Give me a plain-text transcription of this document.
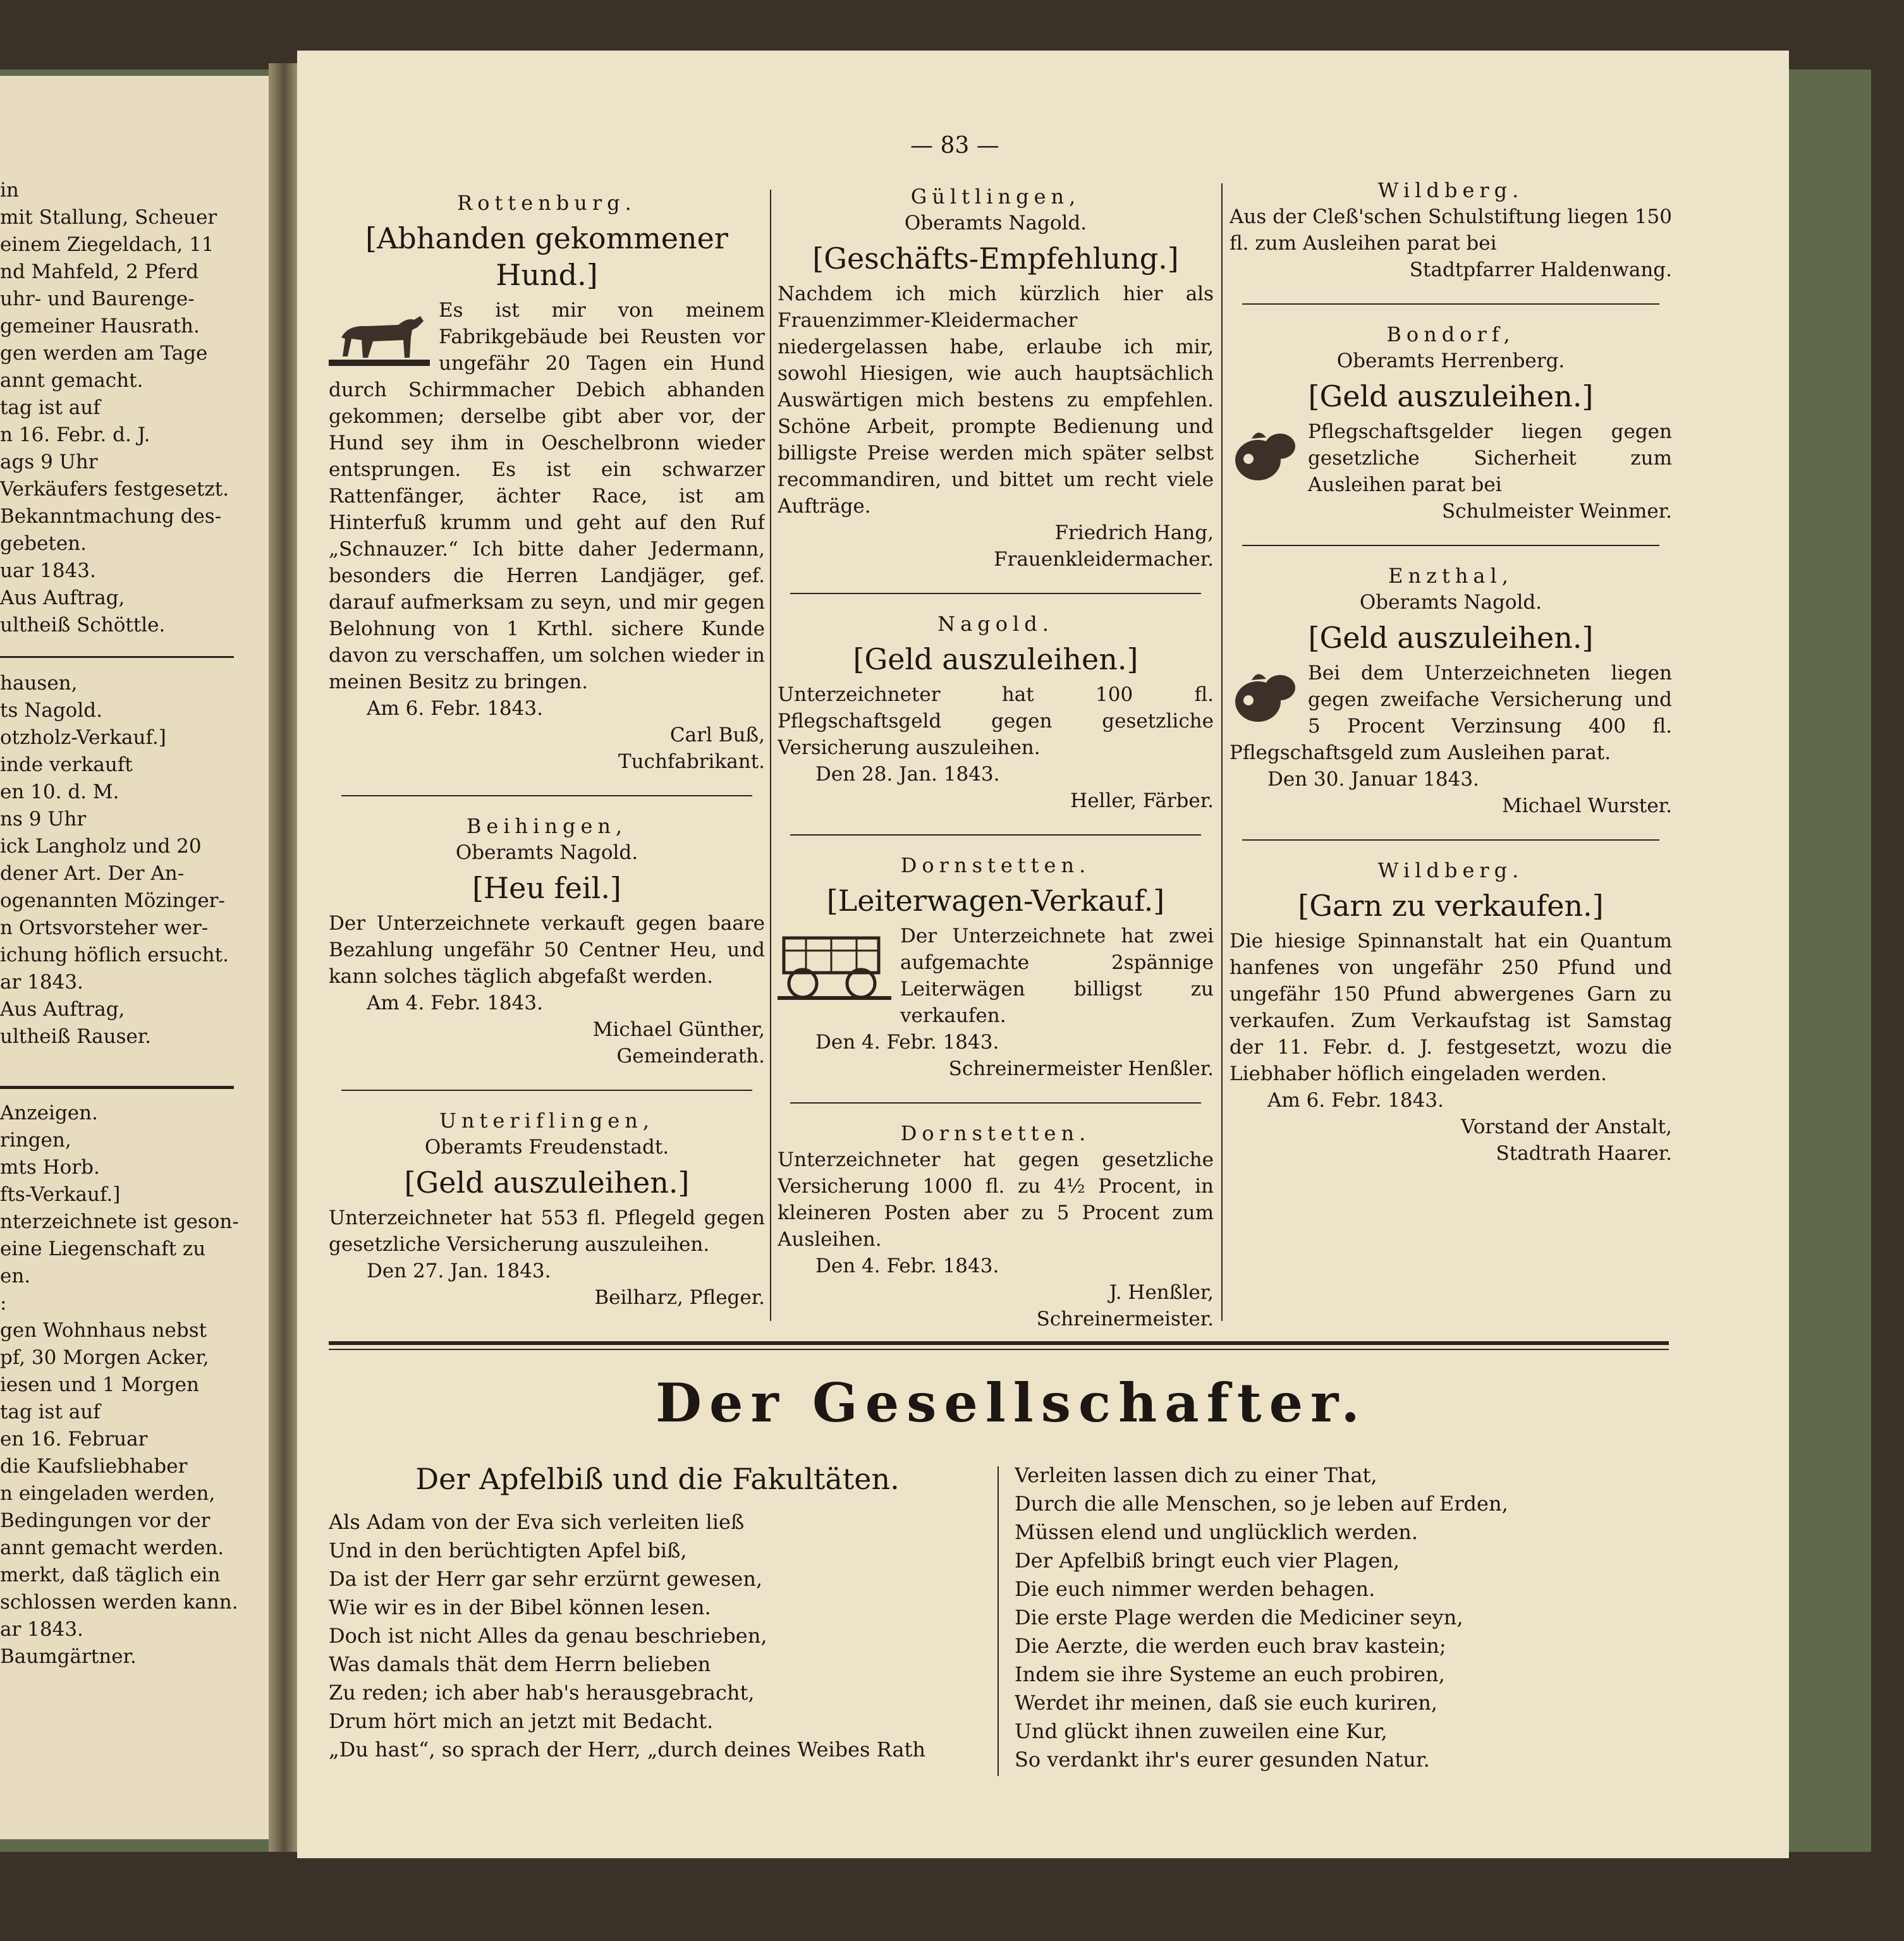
in
mit Stallung, Scheuer
einem Ziegeldach, 11
nd Mahfeld, 2 Pferd
uhr- und Baurenge-
gemeiner Hausrath.
gen werden am Tage
annt gemacht.
tag ist auf
n 16. Febr. d. J.
ags 9 Uhr
Verkäufers festgesetzt.
Bekanntmachung des-
gebeten.
uar 1843.
Aus Auftrag,
ultheiß Schöttle.
hausen,
ts Nagold.
otzholz-Verkauf.]
inde verkauft
en 10. d. M.
ns 9 Uhr
ick Langholz und 20
dener Art. Der An-
ogenannten Mözinger-
n Ortsvorsteher wer-
ichung höflich ersucht.
ar 1843.
Aus Auftrag,
ultheiß Rauser.
Anzeigen.
ringen,
mts Horb.
fts-Verkauf.]
nterzeichnete ist geson-
eine Liegenschaft zu
en.
:
gen Wohnhaus nebst
pf, 30 Morgen Acker,
iesen und 1 Morgen
tag ist auf
en 16. Februar
die Kaufsliebhaber
n eingeladen werden,
Bedingungen vor der
annt gemacht werden.
merkt, daß täglich ein
schlossen werden kann.
ar 1843.
Baumgärtner.
— 83 —
Rottenburg.
[Abhanden gekommener Hund.]
Es ist mir von meinem Fabrikgebäude bei Reusten vor ungefähr 20 Tagen ein Hund durch Schirmmacher Debich abhanden gekommen; derselbe gibt aber vor, der Hund sey ihm in Oeschelbronn wieder entsprungen. Es ist ein schwarzer Rattenfänger, ächter Race, ist am Hinterfuß krumm und geht auf den Ruf „Schnauzer.“ Ich bitte daher Jedermann, besonders die Herren Landjäger, gef. darauf aufmerksam zu seyn, und mir gegen Belohnung von 1 Krthl. sichere Kunde davon zu verschaffen, um solchen wieder in meinen Besitz zu bringen.
Am 6. Febr. 1843.
Carl Buß,
Tuchfabrikant.
Beihingen,
Oberamts Nagold.
[Heu feil.]
Der Unterzeichnete verkauft gegen baare Bezahlung ungefähr 50 Centner Heu, und kann solches täglich abgefaßt werden.
Am 4. Febr. 1843.
Michael Günther,
Gemeinderath.
Unteriflingen,
Oberamts Freudenstadt.
[Geld auszuleihen.]
Unterzeichneter hat 553 fl. Pflegeld gegen gesetzliche Versicherung auszuleihen.
Den 27. Jan. 1843.
Beilharz, Pfleger.
Gültlingen,
Oberamts Nagold.
[Geschäfts-Empfehlung.]
Nachdem ich mich kürzlich hier als Frauenzimmer-Kleidermacher niedergelassen habe, erlaube ich mir, sowohl Hiesigen, wie auch hauptsächlich Auswärtigen mich bestens zu empfehlen. Schöne Arbeit, prompte Bedienung und billigste Preise werden mich später selbst recommandiren, und bittet um recht viele Aufträge.
Friedrich Hang,
Frauenkleidermacher.
Nagold.
[Geld auszuleihen.]
Unterzeichneter hat 100 fl. Pflegschaftsgeld gegen gesetzliche Versicherung auszuleihen.
Den 28. Jan. 1843.
Heller, Färber.
Dornstetten.
[Leiterwagen-Verkauf.]
Der Unterzeichnete hat zwei aufgemachte 2spännige Leiterwägen billigst zu verkaufen.
Den 4. Febr. 1843.
Schreinermeister Henßler.
Dornstetten.
Unterzeichneter hat gegen gesetzliche Versicherung 1000 fl. zu 4½ Procent, in kleineren Posten aber zu 5 Procent zum Ausleihen.
Den 4. Febr. 1843.
J. Henßler,
Schreinermeister.
Wildberg.
Aus der Cleß'schen Schulstiftung liegen 150 fl. zum Ausleihen parat bei
Stadtpfarrer Haldenwang.
Bondorf,
Oberamts Herrenberg.
[Geld auszuleihen.]
Pflegschaftsgelder liegen gegen gesetzliche Sicherheit zum Ausleihen parat bei
Schulmeister Weinmer.
Enzthal,
Oberamts Nagold.
[Geld auszuleihen.]
Bei dem Unterzeichneten liegen gegen zweifache Versicherung und 5 Procent Verzinsung 400 fl. Pflegschaftsgeld zum Ausleihen parat.
Den 30. Januar 1843.
Michael Wurster.
Wildberg.
[Garn zu verkaufen.]
Die hiesige Spinnanstalt hat ein Quantum hanfenes von ungefähr 250 Pfund und ungefähr 150 Pfund abwergenes Garn zu verkaufen. Zum Verkaufstag ist Samstag der 11. Febr. d. J. festgesetzt, wozu die Liebhaber höflich eingeladen werden.
Am 6. Febr. 1843.
Vorstand der Anstalt,
Stadtrath Haarer.
Der Gesellschafter.
Der Apfelbiß und die Fakultäten.
Als Adam von der Eva sich verleiten ließ
Und in den berüchtigten Apfel biß,
Da ist der Herr gar sehr erzürnt gewesen,
Wie wir es in der Bibel können lesen.
Doch ist nicht Alles da genau beschrieben,
Was damals thät dem Herrn belieben
Zu reden; ich aber hab's herausgebracht,
Drum hört mich an jetzt mit Bedacht.
„Du hast“, so sprach der Herr, „durch deines Weibes Rath
Verleiten lassen dich zu einer That,
Durch die alle Menschen, so je leben auf Erden,
Müssen elend und unglücklich werden.
Der Apfelbiß bringt euch vier Plagen,
Die euch nimmer werden behagen.
Die erste Plage werden die Mediciner seyn,
Die Aerzte, die werden euch brav kastein;
Indem sie ihre Systeme an euch probiren,
Werdet ihr meinen, daß sie euch kuriren,
Und glückt ihnen zuweilen eine Kur,
So verdankt ihr's eurer gesunden Natur.
